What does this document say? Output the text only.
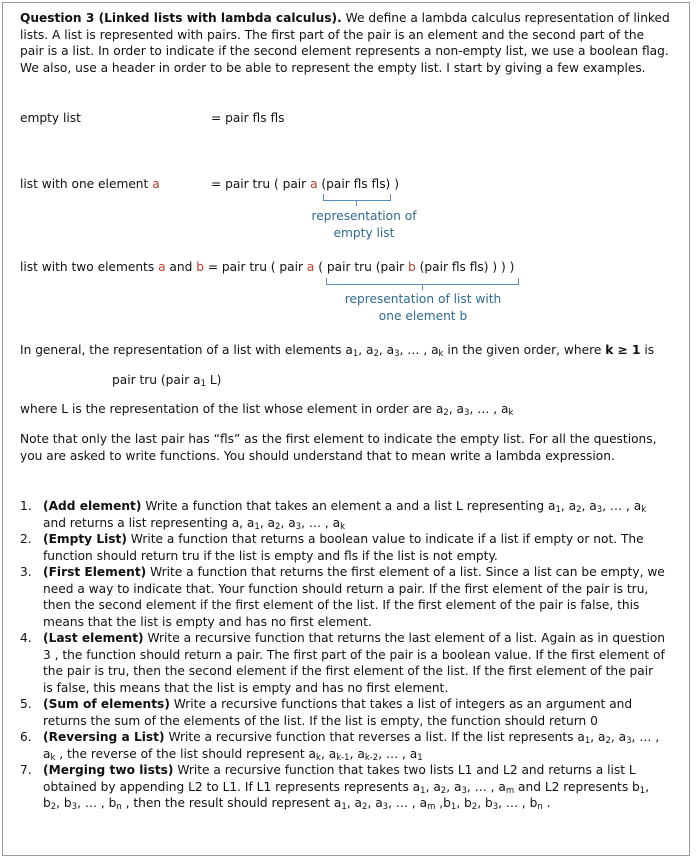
Question 3 (Linked lists with lambda calculus). We define a lambda calculus representation of linked lists. A list is represented with pairs. The first part of the pair is an element and the second part of the pair is a list. In order to indicate if the second element represents a non-empty list, we use a boolean flag. We also, use a header in order to be able to represent the empty list. I start by giving a few examples.
empty list	= pair fls fls
list with one element a	= pair tru ( pair a (pair fls fls) )
representation of
empty list
list with two elements a and b = pair tru ( pair a ( pair tru (pair b (pair fls fls) ) ) )
representation of list with
one element b
In general, the representation of a list with elements $a_1$, $a_2$, $a_3$, … , $a_k$ in the given order, where k ≥ 1 is
pair tru (pair $a_1$ L)
where L is the representation of the list whose element in order are $a_2$, $a_3$, … , $a_k$
Note that only the last pair has “fls” as the first element to indicate the empty list. For all the questions, you are asked to write functions. You should understand that to mean write a lambda expression.
1. (Add element) Write a function that takes an element a and a list L representing $a_1$, $a_2$, $a_3$, … , $a_k$ and returns a list representing a, $a_1$, $a_2$, $a_3$, … , $a_k$
2. (Empty List) Write a function that returns a boolean value to indicate if a list if empty or not. The function should return tru if the list is empty and fls if the list is not empty.
3. (First Element) Write a function that returns the first element of a list. Since a list can be empty, we need a way to indicate that. Your function should return a pair. If the first element of the pair is tru, then the second element if the first element of the list. If the first element of the pair is false, this means that the list is empty and has no first element.
4. (Last element) Write a recursive function that returns the last element of a list. Again as in question 3 , the function should return a pair. The first part of the pair is a boolean value. If the first element of the pair is tru, then the second element if the first element of the list. If the first element of the pair is false, this means that the list is empty and has no first element.
5. (Sum of elements) Write a recursive functions that takes a list of integers as an argument and returns the sum of the elements of the list. If the list is empty, the function should return 0
6. (Reversing a List) Write a recursive function that reverses a list. If the list represents $a_1$, $a_2$, $a_3$, … , $a_k$ , the reverse of the list should represent $a_k$, $a_{k-1}$, $a_{k-2}$, … , $a_1$
7. (Merging two lists) Write a recursive function that takes two lists L1 and L2 and returns a list L obtained by appending L2 to L1. If L1 represents represents $a_1$, $a_2$, $a_3$, … , $a_m$ and L2 represents $b_1$, $b_2$, $b_3$, … , $b_n$ , then the result should represent $a_1$, $a_2$, $a_3$, … , $a_m$ $,b_1$, $b_2$, $b_3$, … , $b_n$ .
